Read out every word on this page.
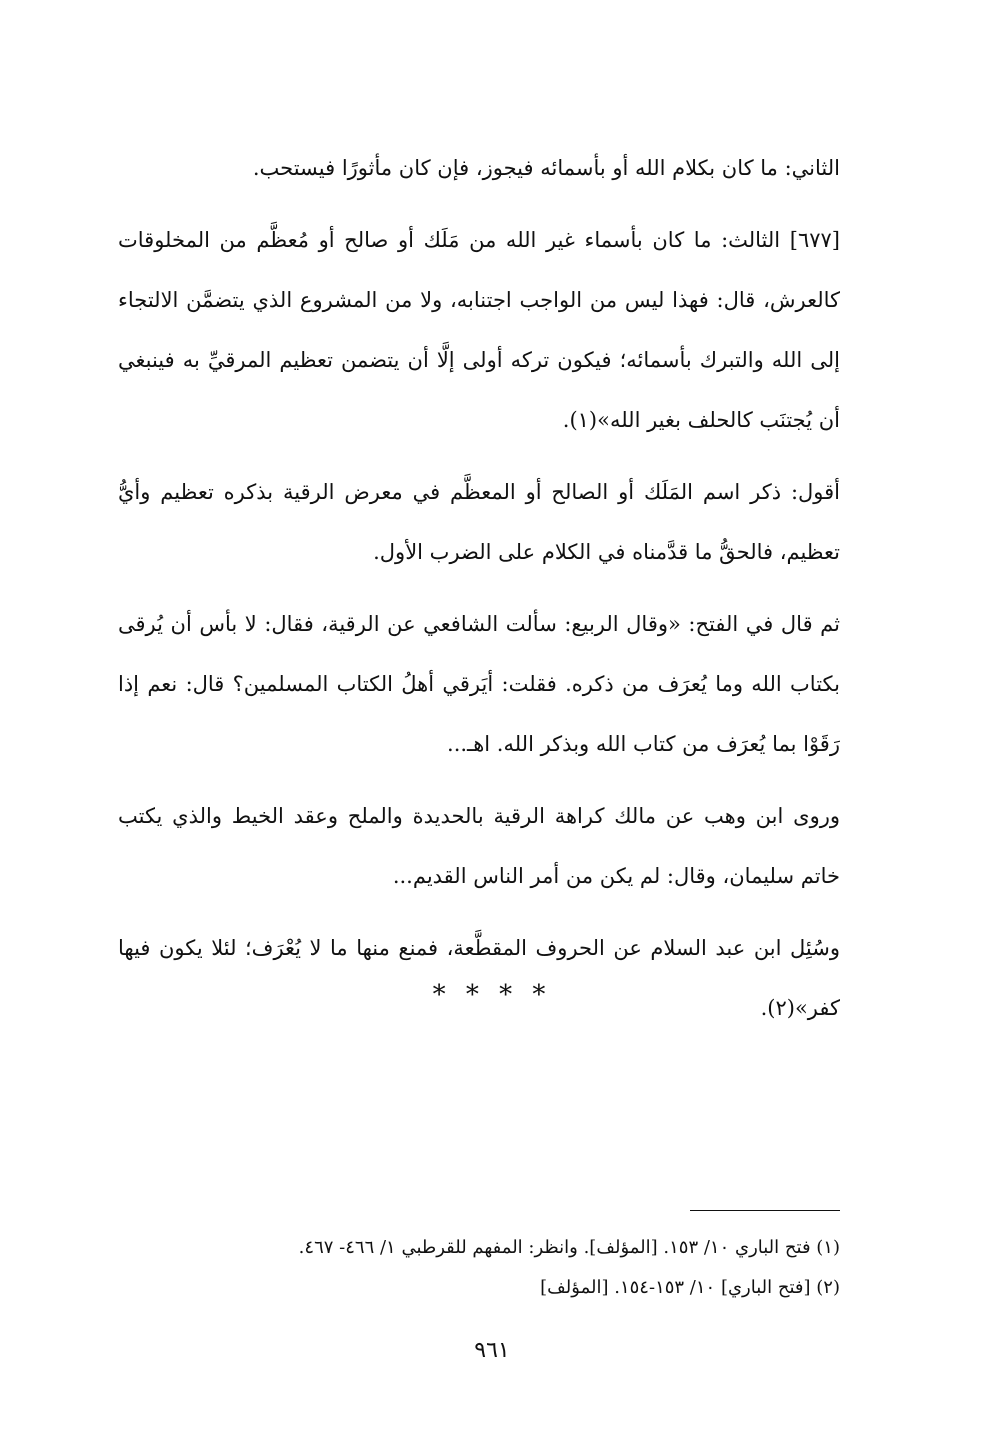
الثاني: ما كان بكلام الله أو بأسمائه فيجوز، فإن كان مأثورًا فيستحب.

[٦٧٧] الثالث: ما كان بأسماء غير الله من مَلَك أو صالح أو مُعظَّم من المخلوقات كالعرش، قال: فهذا ليس من الواجب اجتنابه، ولا من المشروع الذي يتضمَّن الالتجاء إلى الله والتبرك بأسمائه؛ فيكون تركه أولى إلَّا أن يتضمن تعظيم المرقيِّ به فينبغي أن يُجتنَب كالحلف بغير الله»(١).

أقول: ذكر اسم المَلَك أو الصالح أو المعظَّم في معرض الرقية بذكره تعظيم وأيُّ تعظيم، فالحقُّ ما قدَّمناه في الكلام على الضرب الأول.

ثم قال في الفتح: «وقال الربيع: سألت الشافعي عن الرقية، فقال: لا بأس أن يُرقى بكتاب الله وما يُعرَف من ذكره. فقلت: أيَرقي أهلُ الكتاب المسلمين؟ قال: نعم إذا رَقَوْا بما يُعرَف من كتاب الله وبذكر الله. اهـ...

وروى ابن وهب عن مالك كراهة الرقية بالحديدة والملح وعقد الخيط والذي يكتب خاتم سليمان، وقال: لم يكن من أمر الناس القديم...

وسُئِل ابن عبد السلام عن الحروف المقطَّعة، فمنع منها ما لا يُعْرَف؛ لئلا يكون فيها كفر»(٢).

* * * *

(١) فتح الباري ١٠/ ١٥٣. [المؤلف]. وانظر: المفهم للقرطبي ١/ ٤٦٦- ٤٦٧.

(٢) [فتح الباري] ١٠/ ١٥٣-١٥٤. [المؤلف]

٩٦١
